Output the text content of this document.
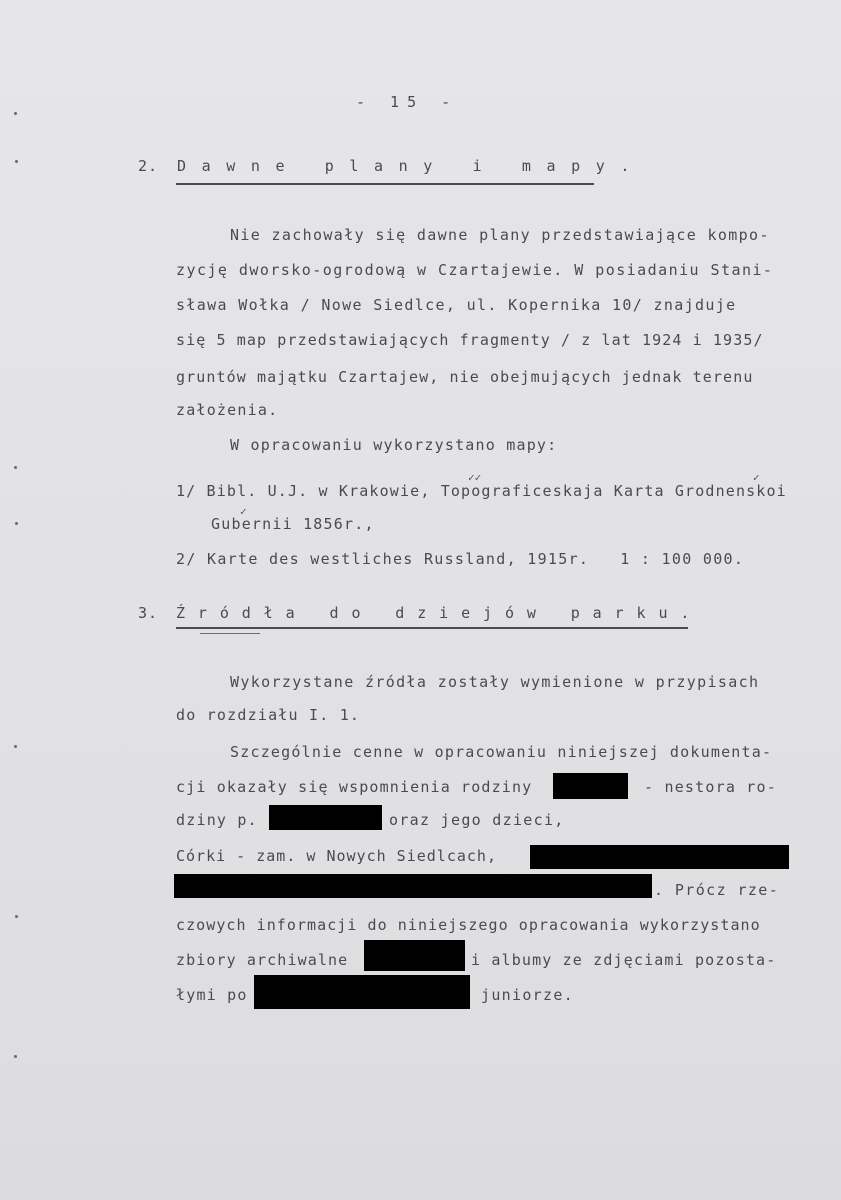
- 15 -
2. Dawne plany i mapy.
Nie zachowały się dawne plany przedstawiające kompo-
zycję dworsko-ogrodową w Czartajewie. W posiadaniu Stani-
sława Wołka / Nowe Siedlce, ul. Kopernika 10/ znajduje
się 5 map przedstawiających fragmenty / z lat 1924 i 1935/
gruntów majątku Czartajew, nie obejmujących jednak terenu
założenia.
W opracowaniu wykorzystano mapy:
✓✓	✓
1/ Bibl. U.J. w Krakowie, Topograficeskaja Karta Grodnenskoi
✓
Gubernii 1856r.,
2/ Karte des westliches Russland, 1915r.   1 : 100 000.
3. Źródła do dziejów parku.
Wykorzystane źródła zostały wymienione w przypisach
do rozdziału I. 1.
Szczególnie cenne w opracowaniu niniejszej dokumenta-
cji okazały się wspomnienia rodziny	- nestora ro-
dziny p.	oraz jego dzieci,
Córki - zam. w Nowych Siedlcach,
. Prócz rze-
czowych informacji do niniejszego opracowania wykorzystano
zbiory archiwalne	i albumy ze zdjęciami pozosta-
łymi po	juniorze.
